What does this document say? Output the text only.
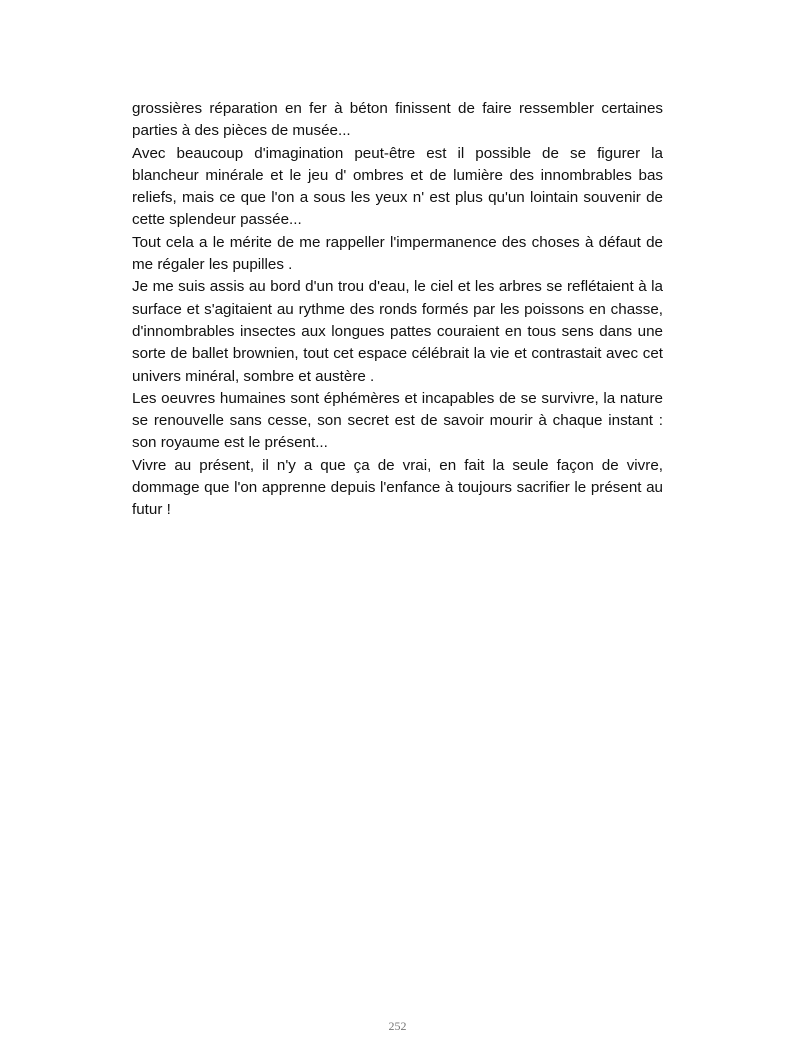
grossières réparation en fer à béton finissent de faire ressembler certaines parties à des pièces de musée...

Avec beaucoup d'imagination peut-être est il possible de se figurer la blancheur minérale et le jeu d' ombres et de lumière des innombrables bas reliefs, mais ce que l'on a sous les yeux n' est plus qu'un lointain souvenir de cette splendeur passée...

Tout cela a le mérite de me rappeller l'impermanence des choses à défaut de me régaler les pupilles .

Je me suis assis au bord d'un trou d'eau, le ciel et les arbres se reflétaient à la surface et s'agitaient au rythme des ronds formés par les poissons en chasse, d'innombrables insectes aux longues pattes couraient en tous sens dans une sorte de ballet brownien, tout cet espace célébrait la vie et contrastait avec cet univers minéral, sombre et austère .

Les oeuvres humaines sont éphémères et incapables de se survivre, la nature se renouvelle sans cesse, son secret est de savoir mourir à chaque instant : son royaume est le présent...

Vivre au présent, il n'y a que ça de vrai, en fait la seule façon de vivre, dommage que l'on apprenne depuis l'enfance à toujours sacrifier le présent au futur !

252
